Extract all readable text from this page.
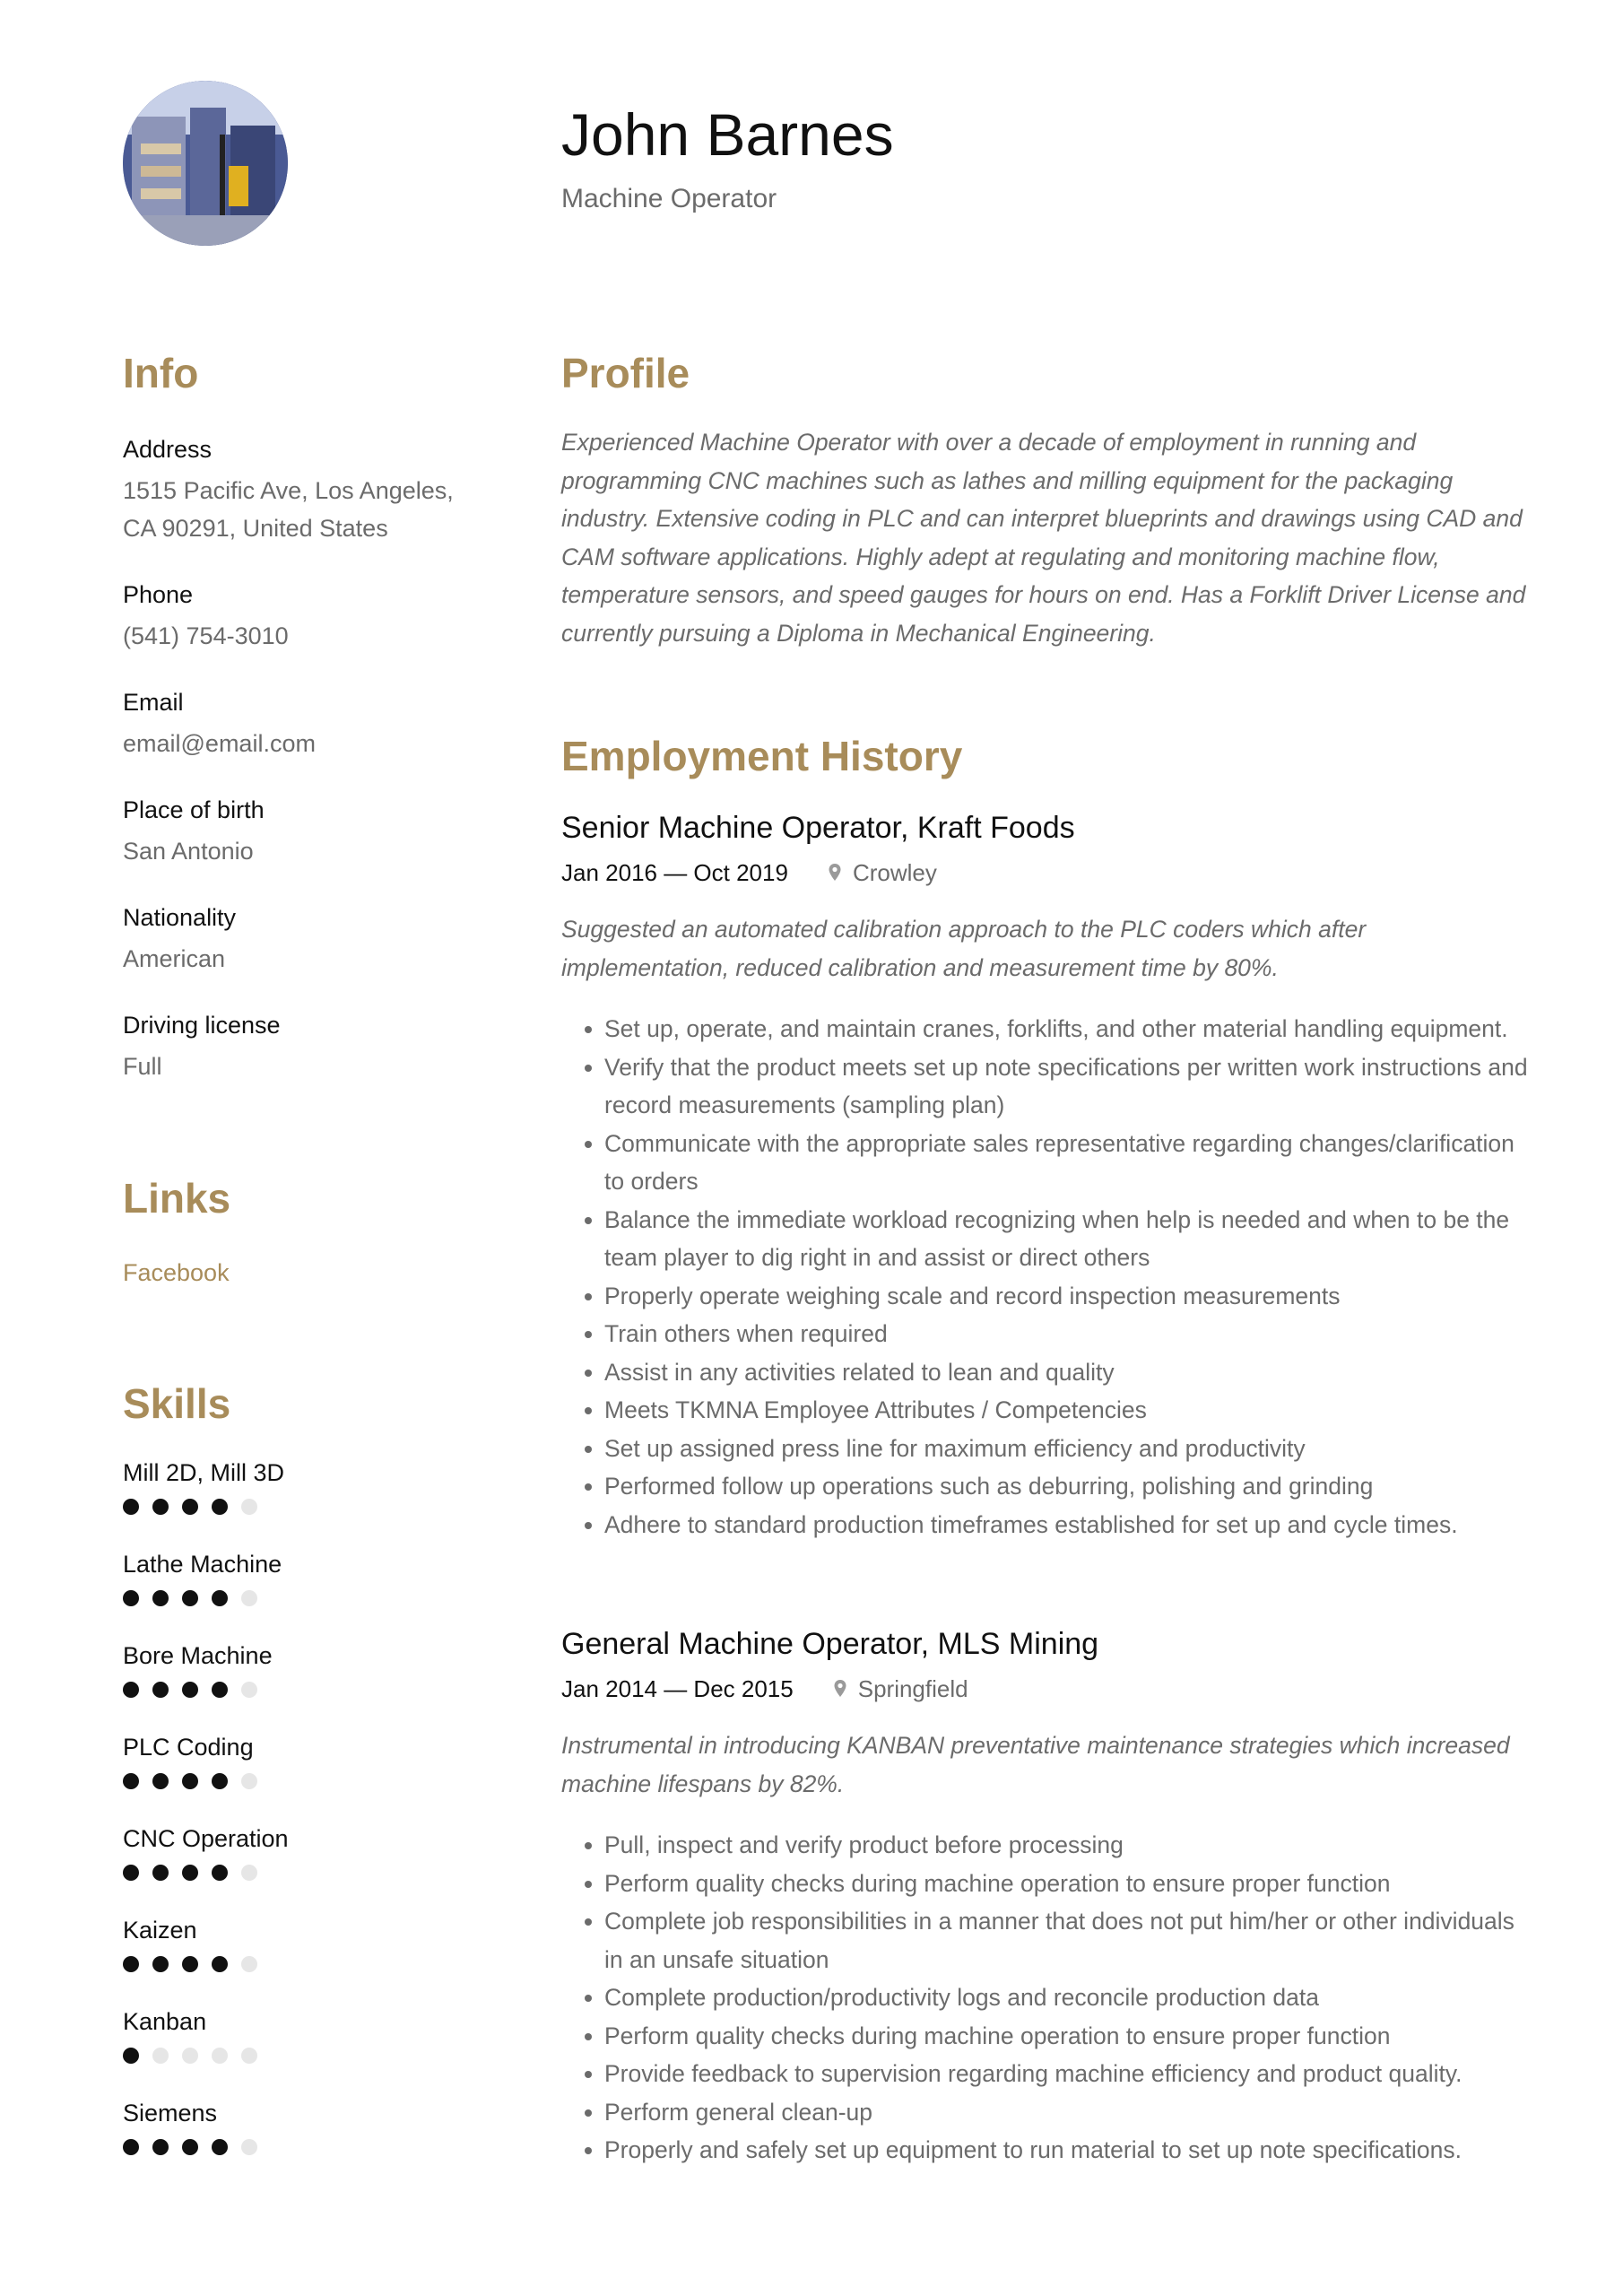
John Barnes
Machine Operator
Info
Address
1515 Pacific Ave, Los Angeles, CA 90291, United States
Phone
(541) 754-3010
Email
email@email.com
Place of birth
San Antonio
Nationality
American
Driving license
Full
Links
Facebook
Skills
Mill 2D, Mill 3D
Lathe Machine
Bore Machine
PLC Coding
CNC Operation
Kaizen
Kanban
Siemens
Profile
Experienced Machine Operator with over a decade of employment in running and programming CNC machines such as lathes and milling equipment for the packaging industry. Extensive coding in PLC and can interpret blueprints and drawings using CAD and CAM software applications. Highly adept at regulating and monitoring machine flow, temperature sensors, and speed gauges for hours on end. Has a Forklift Driver License and currently pursuing a Diploma in Mechanical Engineering.
Employment History
Senior Machine Operator, Kraft Foods
Jan 2016 — Oct 2019	Crowley
Suggested an automated calibration approach to the PLC coders which after implementation, reduced calibration and measurement time by 80%.
Set up, operate, and maintain cranes, forklifts, and other material handling equipment.
Verify that the product meets set up note specifications per written work instructions and record measurements (sampling plan)
Communicate with the appropriate sales representative regarding changes/clarification to orders
Balance the immediate workload recognizing when help is needed and when to be the team player to dig right in and assist or direct others
Properly operate weighing scale and record inspection measurements
Train others when required
Assist in any activities related to lean and quality
Meets TKMNA Employee Attributes / Competencies
Set up assigned press line for maximum efficiency and productivity
Performed follow up operations such as deburring, polishing and grinding
Adhere to standard production timeframes established for set up and cycle times.
General Machine Operator, MLS Mining
Jan 2014 — Dec 2015	Springfield
Instrumental in introducing KANBAN preventative maintenance strategies which increased machine lifespans by 82%.
Pull, inspect and verify product before processing
Perform quality checks during machine operation to ensure proper function
Complete job responsibilities in a manner that does not put him/her or other individuals in an unsafe situation
Complete production/productivity logs and reconcile production data
Perform quality checks during machine operation to ensure proper function
Provide feedback to supervision regarding machine efficiency and product quality.
Perform general clean-up
Properly and safely set up equipment to run material to set up note specifications.
